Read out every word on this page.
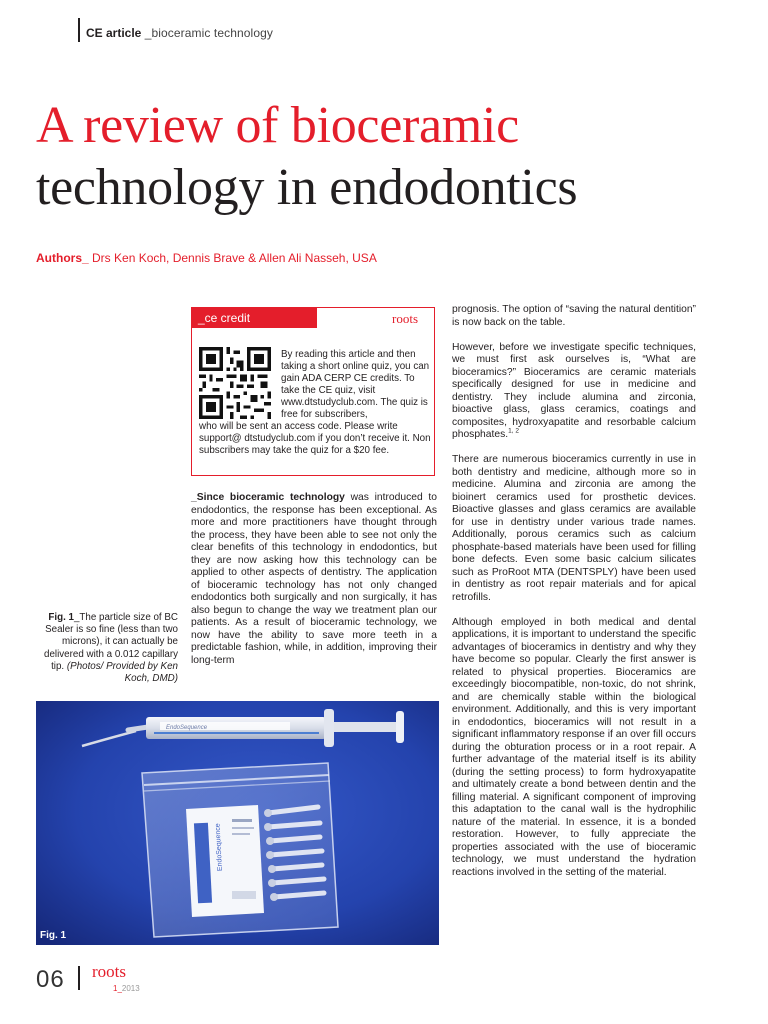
CE article _bioceramic technology
A review of bioceramic
technology in endodontics
Authors_ Drs Ken Koch, Dennis Brave & Allen Ali Nasseh, USA
_ce credit	roots
By reading this article and then taking a short online quiz, you can gain ADA CERP CE credits. To take the CE quiz, visit www.dtstudyclub.com. The quiz is free for subscribers,
who will be sent an access code. Please write support@ dtstudyclub.com if you don’t receive it. Non subscribers may take the quiz for a $20 fee.
_Since bioceramic technology was introduced to endodontics, the response has been exceptional. As more and more practitioners have thought through the process, they have been able to see not only the clear benefits of this technology in endodontics, but they are now asking how this technology can be applied to other aspects of dentistry. The application of bioceramic technology has not only changed endodontics both surgically and non surgically, it has also begun to change the way we treatment plan our patients. As a result of bioceramic technology, we now have the ability to save more teeth in a predictable fashion, while, in addition, improving their long-term
Fig. 1_The particle size of BC Sealer is so fine (less than two microns), it can actually be delivered with a 0.012 capillary tip. (Photos/ Provided by Ken Koch, DMD)

prognosis. The option of “saving the natural dentition” is now back on the table.

However, before we investigate specific techniques, we must first ask ourselves is, “What are bioceramics?” Bioceramics are ceramic materials specifically designed for use in medicine and dentistry. They include alumina and zirconia, bioactive glass, glass ceramics, coatings and composites, hydroxyapatite and resorbable calcium phosphates.$^{1, 2}$

There are numerous bioceramics currently in use in both dentistry and medicine, although more so in medicine. Alumina and zirconia are among the bioinert ceramics used for prosthetic devices. Bioactive glasses and glass ceramics are available for use in dentistry under various trade names. Additionally, porous ceramics such as calcium phosphate-based materials have been used for filling bone defects. Even some basic calcium silicates such as ProRoot MTA (DENTSPLY) have been used in dentistry as root repair materials and for apical retrofills.

Although employed in both medical and dental applications, it is important to understand the specific advantages of bioceramics in dentistry and why they have become so popular. Clearly the first answer is related to physical properties. Bioceramics are exceedingly biocompatible, non-toxic, do not shrink, and are chemically stable within the biological environment. Additionally, and this is very important in endodontics, bioceramics will not result in a significant inflammatory response if an over fill occurs during the obturation process or in a root repair. A further advantage of the material itself is its ability (during the setting process) to form hydroxyapatite and ultimately create a bond between dentin and the filling material. A significant component of improving this adaptation to the canal wall is the hydrophilic nature of the material. In essence, it is a bonded restoration. However, to fully appreciate the properties associated with the use of bioceramic technology, we must understand the hydration reactions involved in the setting of the material.

EndoSequence
EndoSequence
Fig. 1
06 roots
1_2013
